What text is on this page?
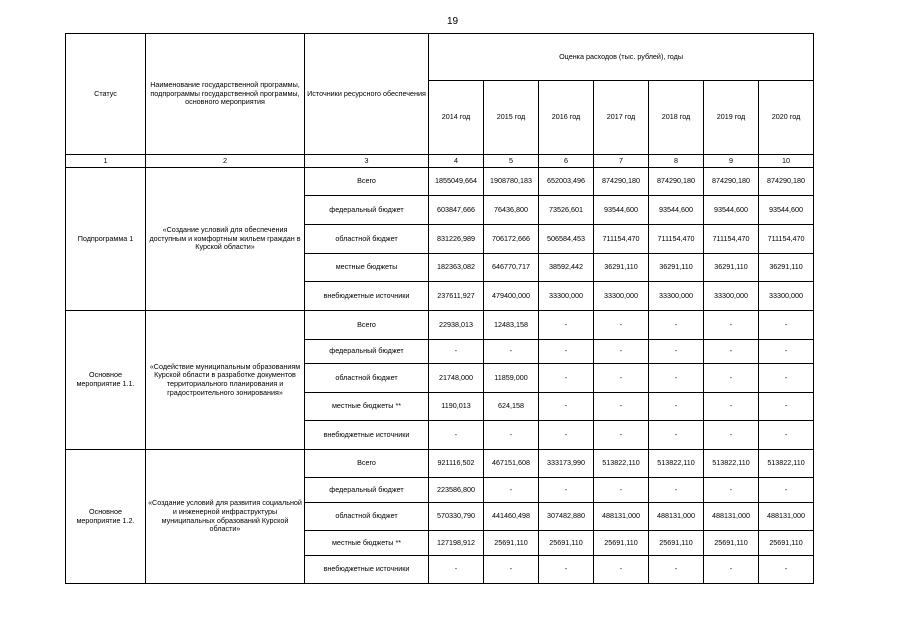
19
Статус	Наименование государственной программы, подпрограммы государственной программы, основного мероприятия	Источники ресурсного обеспечения	Оценка расходов (тыс. рублей), годы						
			2014 год	2015 год	2016 год	2017 год	2018 год	2019 год	2020 год
1	2	3	4	5	6	7	8	9	10
Подпрограмма 1	«Создание условий для обеспечения доступным и комфортным жильем граждан в Курской области»	Всего	1855049,664	1908780,183	652003,496	874290,180	874290,180	874290,180	874290,180
		федеральный бюджет	603847,666	76436,800	73526,601	93544,600	93544,600	93544,600	93544,600
		областной бюджет	831226,989	706172,666	506584,453	711154,470	711154,470	711154,470	711154,470
		местные бюджеты	182363,082	646770,717	38592,442	36291,110	36291,110	36291,110	36291,110
		внебюджетные источники	237611,927	479400,000	33300,000	33300,000	33300,000	33300,000	33300,000
Основное мероприятие 1.1.	«Содействие муниципальным образованиям Курской области в разработке документов территориального планирования и градостроительного зонирования»	Всего	22938,013	12483,158	-	-	-	-	-
		федеральный бюджет	-	-	-	-	-	-	-
		областной бюджет	21748,000	11859,000	-	-	-	-	-
		местные бюджеты **	1190,013	624,158	-	-	-	-	-
		внебюджетные источники	-	-	-	-	-	-	-
Основное мероприятие 1.2.	«Создание условий для развития социальной и инженерной инфраструктуры муниципальных образований Курской области»	Всего	921116,502	467151,608	333173,990	513822,110	513822,110	513822,110	513822,110
		федеральный бюджет	223586,800	-	-	-	-	-	-
		областной бюджет	570330,790	441460,498	307482,880	488131,000	488131,000	488131,000	488131,000
		местные бюджеты **	127198,912	25691,110	25691,110	25691,110	25691,110	25691,110	25691,110
		внебюджетные источники	-	-	-	-	-	-	-
